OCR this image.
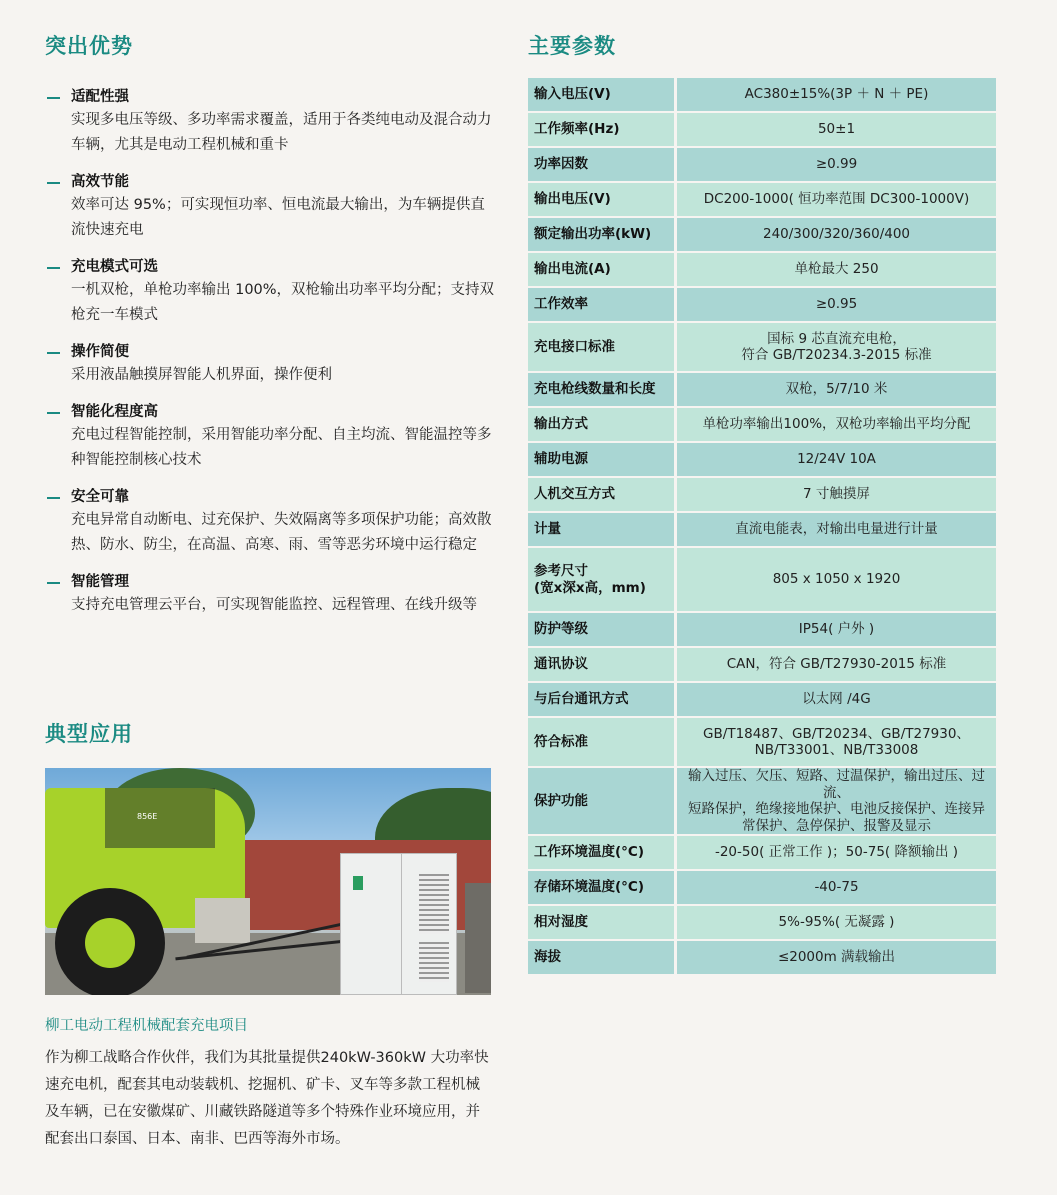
突出优势
适配性强
实现多电压等级、多功率需求覆盖，适用于各类纯电动及混合动力车辆，尤其是电动工程机械和重卡
高效节能
效率可达 95%；可实现恒功率、恒电流最大输出，为车辆提供直流快速充电
充电模式可选
一机双枪，单枪功率输出 100%，双枪输出功率平均分配；支持双枪充一车模式
操作简便
采用液晶触摸屏智能人机界面，操作便利
智能化程度高
充电过程智能控制，采用智能功率分配、自主均流、智能温控等多种智能控制核心技术
安全可靠
充电异常自动断电、过充保护、失效隔离等多项保护功能；高效散热、防水、防尘，在高温、高寒、雨、雪等恶劣环境中运行稳定
智能管理
支持充电管理云平台，可实现智能监控、远程管理、在线升级等
典型应用
856E
柳工电动工程机械配套充电项目
作为柳工战略合作伙伴，我们为其批量提供240kW-360kW 大功率快速充电机，配套其电动装载机、挖掘机、矿卡、叉车等多款工程机械及车辆，已在安徽煤矿、川藏铁路隧道等多个特殊作业环境应用，并配套出口泰国、日本、南非、巴西等海外市场。
主要参数
输入电压(V)	AC380±15%(3P ＋ N ＋ PE)
工作频率(Hz)	50±1
功率因数	≥0.99
输出电压(V)	DC200-1000( 恒功率范围 DC300-1000V)
额定输出功率(kW)	240/300/320/360/400
输出电流(A)	单枪最大 250
工作效率	≥0.95
充电接口标准	国标 9 芯直流充电枪，
符合 GB/T20234.3-2015 标准
充电枪线数量和长度	双枪，5/7/10 米
输出方式	单枪功率输出100%，双枪功率输出平均分配
辅助电源	12/24V 10A
人机交互方式	7 寸触摸屏
计量	直流电能表，对输出电量进行计量
参考尺寸
(宽x深x高，mm)	805 x 1050 x 1920
防护等级	IP54( 户外 )
通讯协议	CAN，符合 GB/T27930-2015 标准
与后台通讯方式	以太网 /4G
符合标准	GB/T18487、GB/T20234、GB/T27930、
NB/T33001、NB/T33008
保护功能	输入过压、欠压、短路、过温保护，输出过压、过流、
短路保护，绝缘接地保护、电池反接保护、连接异
常保护、急停保护、报警及显示
工作环境温度(°C)	-20-50( 正常工作 )；50-75( 降额输出 )
存储环境温度(°C)	-40-75
相对湿度	5%-95%( 无凝露 )
海拔	≤2000m 满载输出
